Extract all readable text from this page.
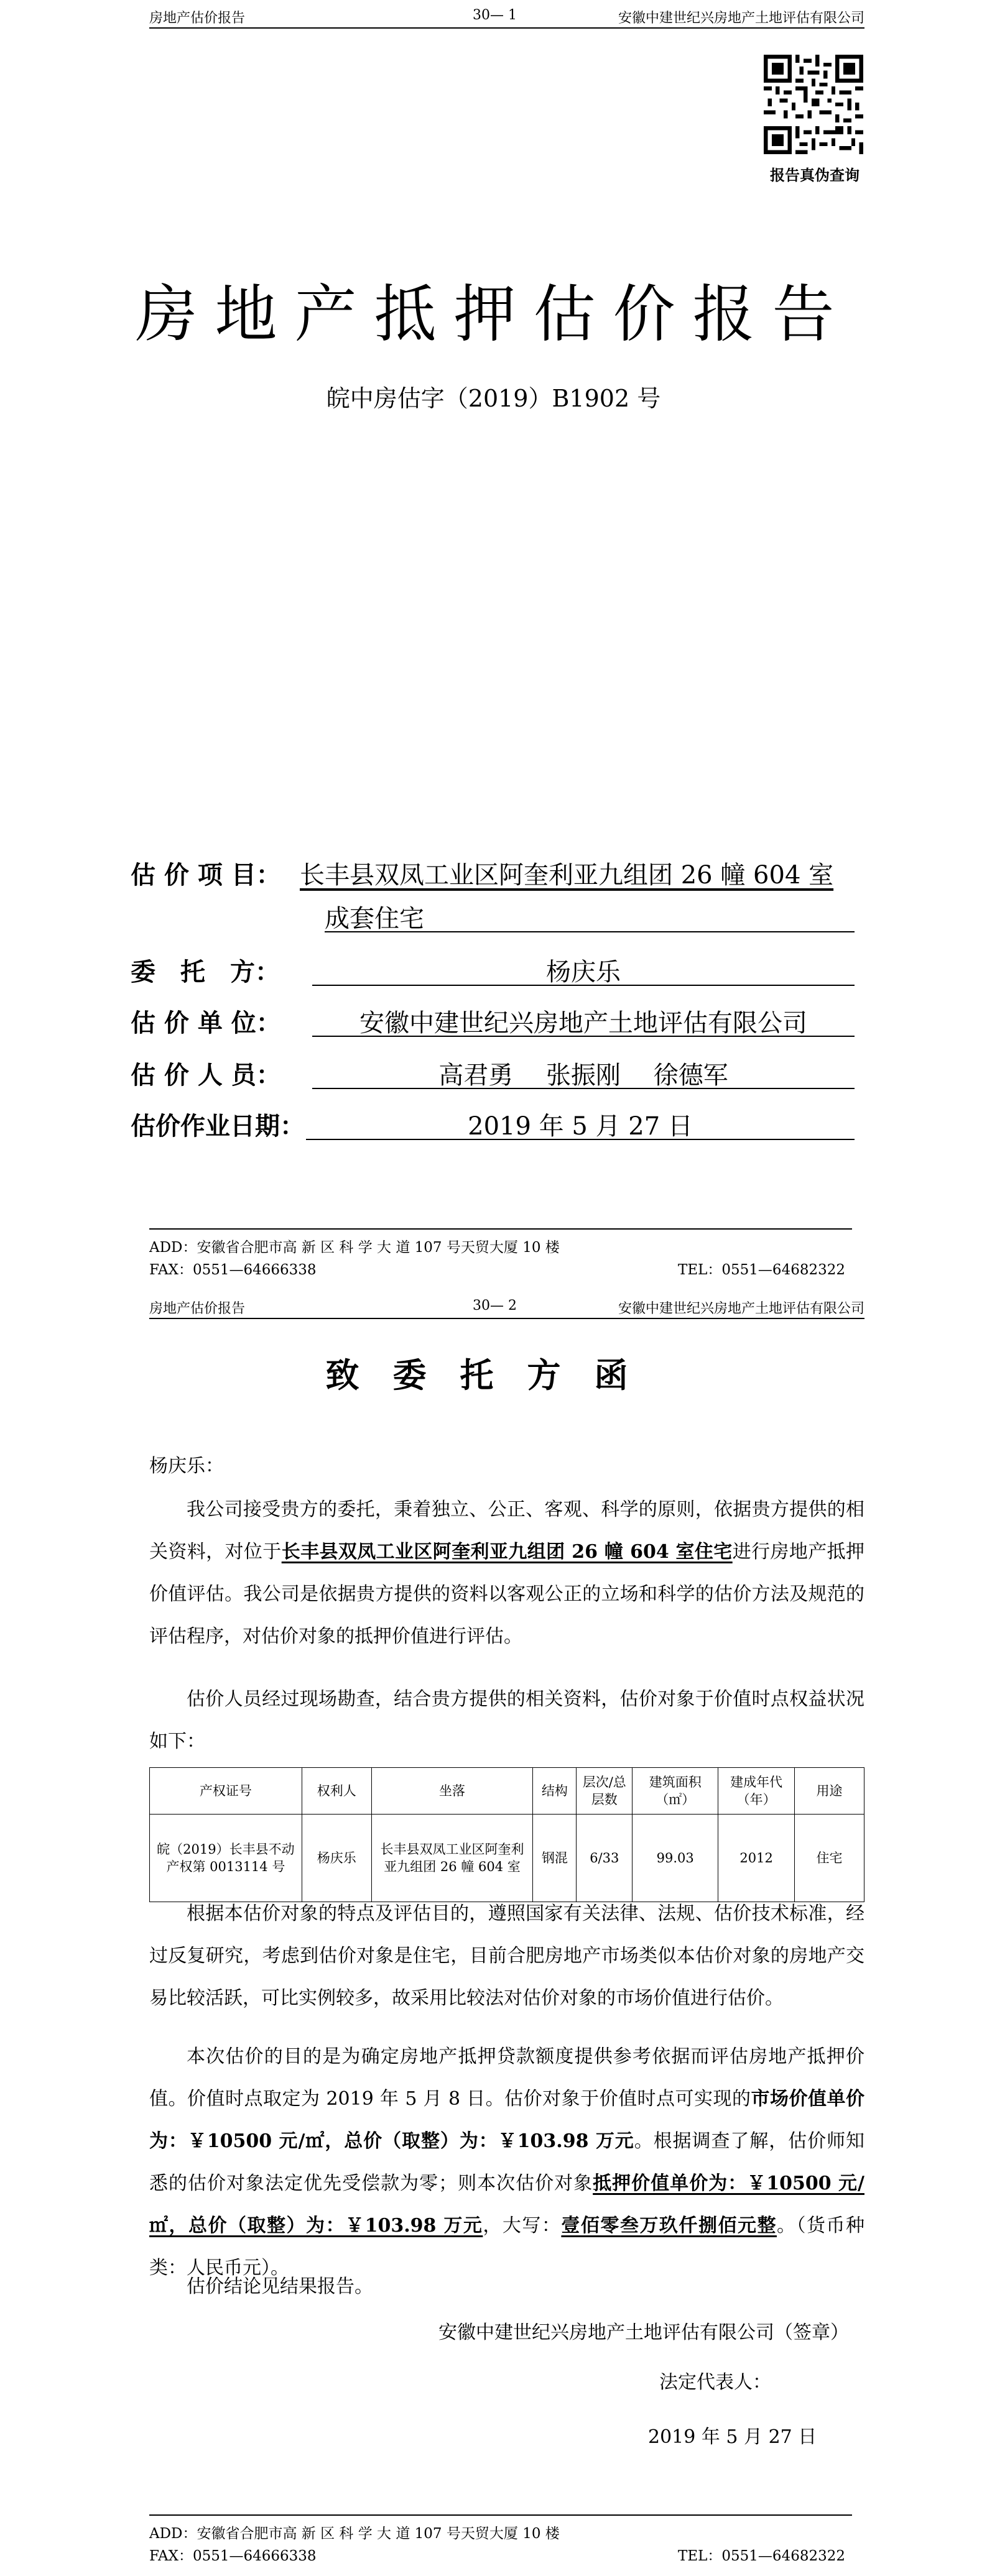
房地产估价报告	30— 1	安徽中建世纪兴房地产土地评估有限公司
报告真伪查询
房地产抵押估价报告
皖中房估字（2019）B1902 号
估 价 项 目： 长丰县双凤工业区阿奎利亚九组团 26 幢 604 室
成套住宅
委　托　方：	杨庆乐
估 价 单 位：	安徽中建世纪兴房地产土地评估有限公司
估 价 人 员：	高君勇　 张振刚　 徐德军
估价作业日期：	2019 年 5 月 27 日
ADD：安徽省合肥市高 新 区 科 学 大 道 107 号天贸大厦 10 楼
FAX：0551—64666338	TEL：0551—64682322
房地产估价报告	30— 2	安徽中建世纪兴房地产土地评估有限公司
致委托方函
杨庆乐：
我公司接受贵方的委托，秉着独立、公正、客观、科学的原则，依据贵方提供的相关资料，对位于长丰县双凤工业区阿奎利亚九组团 26 幢 604 室住宅进行房地产抵押价值评估。我公司是依据贵方提供的资料以客观公正的立场和科学的估价方法及规范的评估程序，对估价对象的抵押价值进行评估。
估价人员经过现场勘查，结合贵方提供的相关资料，估价对象于价值时点权益状况如下：
产权证号	权利人	坐落	结构	层次/总层数	建筑面积（㎡）	建成年代（年）	用途
皖（2019）长丰县不动产权第 0013114 号	杨庆乐	长丰县双凤工业区阿奎利亚九组团 26 幢 604 室	钢混	6/33	99.03	2012	住宅
根据本估价对象的特点及评估目的，遵照国家有关法律、法规、估价技术标准，经过反复研究，考虑到估价对象是住宅，目前合肥房地产市场类似本估价对象的房地产交易比较活跃，可比实例较多，故采用比较法对估价对象的市场价值进行估价。
本次估价的目的是为确定房地产抵押贷款额度提供参考依据而评估房地产抵押价值。价值时点取定为 2019 年 5 月 8 日。估价对象于价值时点可实现的市场价值单价为：￥10500 元/㎡，总价（取整）为：￥103.98 万元。根据调查了解，估价师知悉的估价对象法定优先受偿款为零；则本次估价对象抵押价值单价为：￥10500 元/㎡，总价（取整）为：￥103.98 万元，大写：壹佰零叁万玖仟捌佰元整。（货币种类：人民币元）。
估价结论见结果报告。
安徽中建世纪兴房地产土地评估有限公司（签章）
法定代表人：
2019 年 5 月 27 日
ADD：安徽省合肥市高 新 区 科 学 大 道 107 号天贸大厦 10 楼
FAX：0551—64666338	TEL：0551—64682322
